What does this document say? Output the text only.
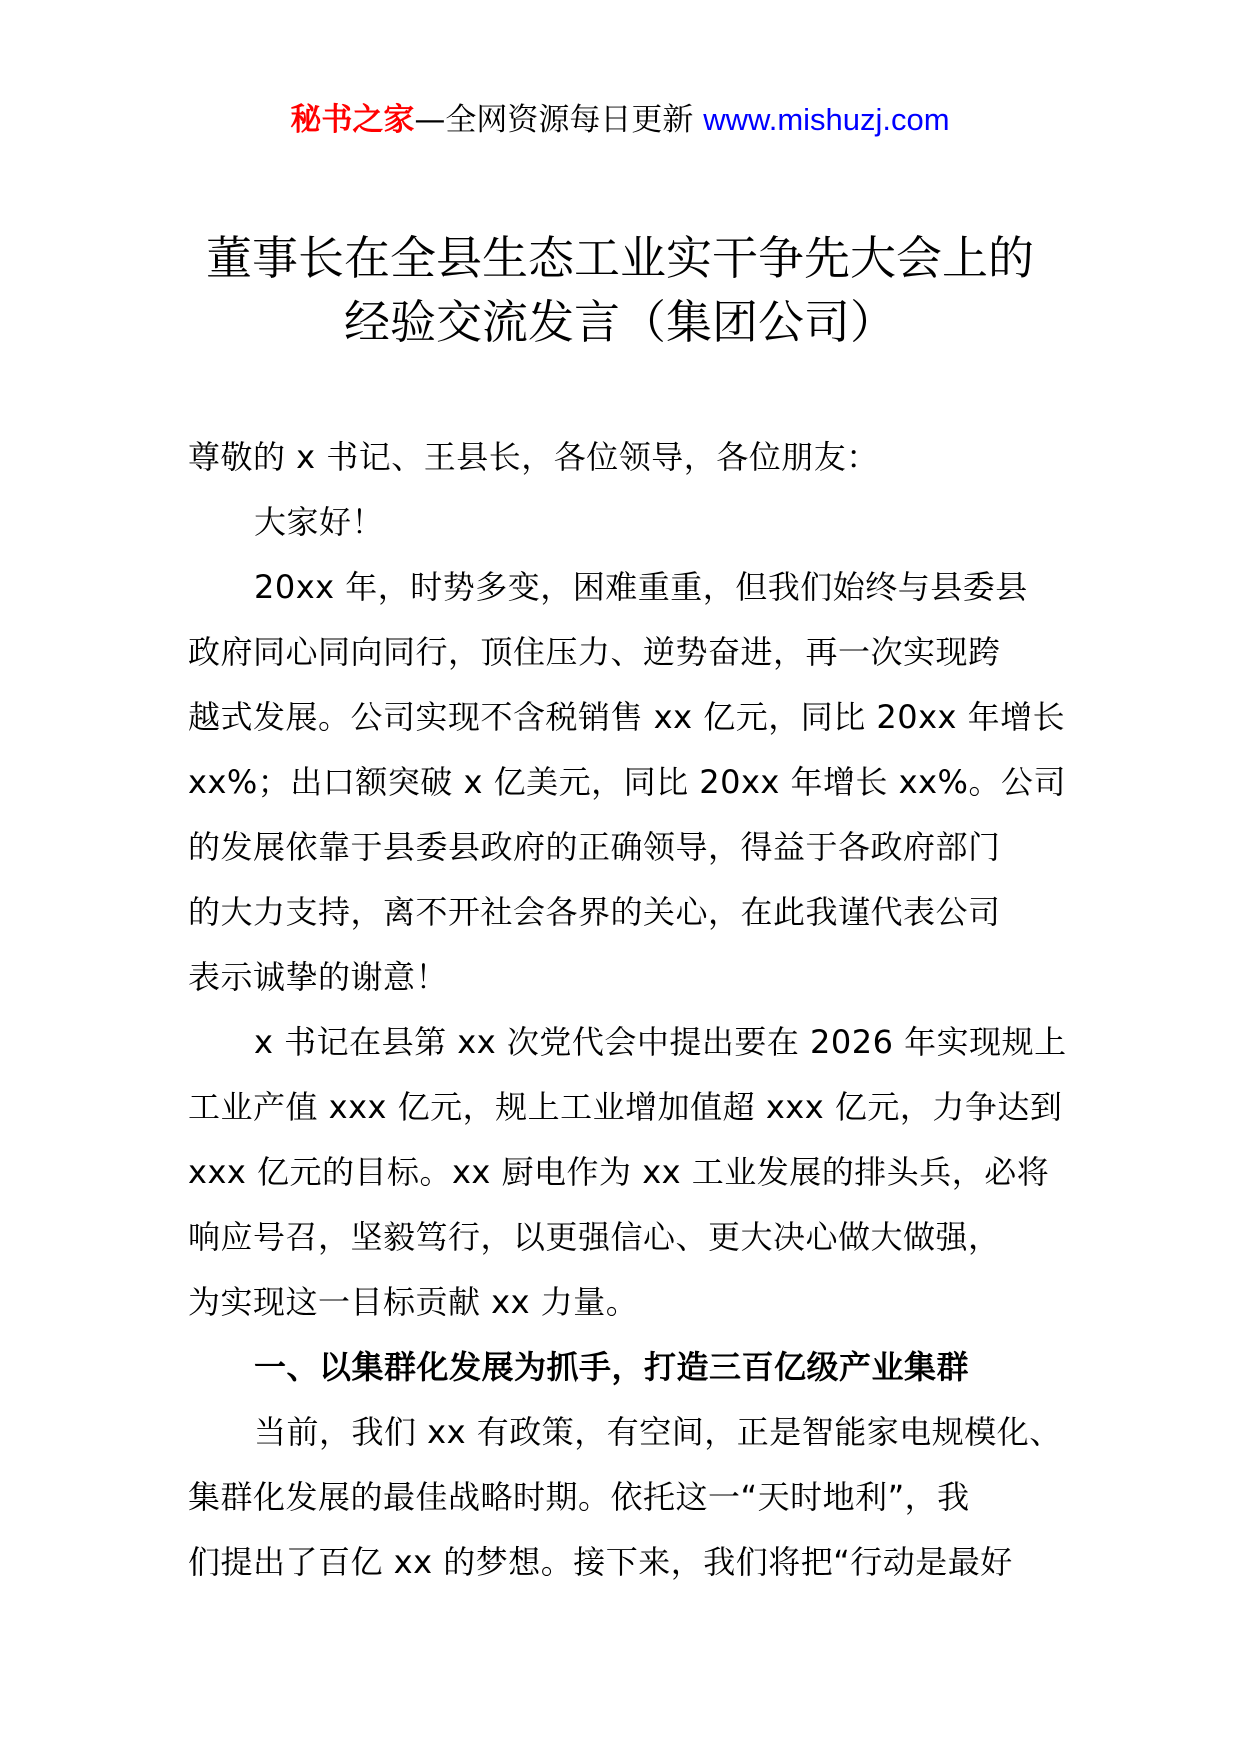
秘书之家—全网资源每日更新 www.mishuzj.com
董事长在全县生态工业实干争先大会上的
经验交流发言（集团公司）

尊敬的 x 书记、王县长，各位领导，各位朋友：

大家好！

20xx 年，时势多变，困难重重，但我们始终与县委县

政府同心同向同行，顶住压力、逆势奋进，再一次实现跨

越式发展。公司实现不含税销售 xx 亿元，同比 20xx 年增长

xx%；出口额突破 x 亿美元，同比 20xx 年增长 xx%。公司

的发展依靠于县委县政府的正确领导，得益于各政府部门

的大力支持，离不开社会各界的关心，在此我谨代表公司

表示诚挚的谢意！

x 书记在县第 xx 次党代会中提出要在 2026 年实现规上

工业产值 xxx 亿元，规上工业增加值超 xxx 亿元，力争达到

xxx 亿元的目标。xx 厨电作为 xx 工业发展的排头兵，必将

响应号召，坚毅笃行，以更强信心、更大决心做大做强，

为实现这一目标贡献 xx 力量。

一、以集群化发展为抓手，打造三百亿级产业集群

当前，我们 xx 有政策，有空间，正是智能家电规模化、

集群化发展的最佳战略时期。依托这一“天时地利”，我

们提出了百亿 xx 的梦想。接下来，我们将把“行动是最好
